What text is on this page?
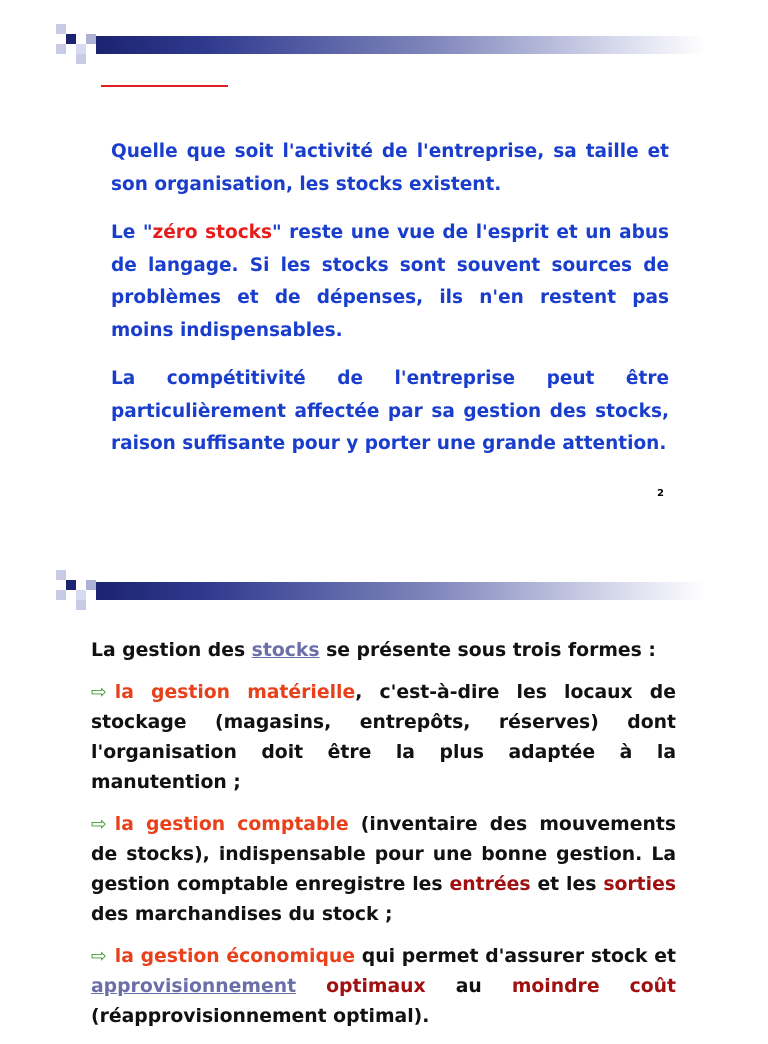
Quelle que soit l'activité de l'entreprise, sa taille et son organisation, les stocks existent.

Le "zéro stocks" reste une vue de l'esprit et un abus de langage. Si les stocks sont souvent sources de problèmes et de dépenses, ils n'en restent pas moins indispensables.

La compétitivité de l'entreprise peut être particulièrement affectée par sa gestion des stocks, raison suffisante pour y porter une grande attention.

2

La gestion des stocks se présente sous trois formes :

⇨ la gestion matérielle, c'est-à-dire les locaux de stockage (magasins, entrepôts, réserves) dont l'organisation doit être la plus adaptée à la manutention ;

⇨ la gestion comptable (inventaire des mouvements de stocks), indispensable pour une bonne gestion. La gestion comptable enregistre les entrées et les sorties des marchandises du stock ;

⇨ la gestion économique qui permet d'assurer stock et approvisionnement optimaux au moindre coût (réapprovisionnement optimal).
